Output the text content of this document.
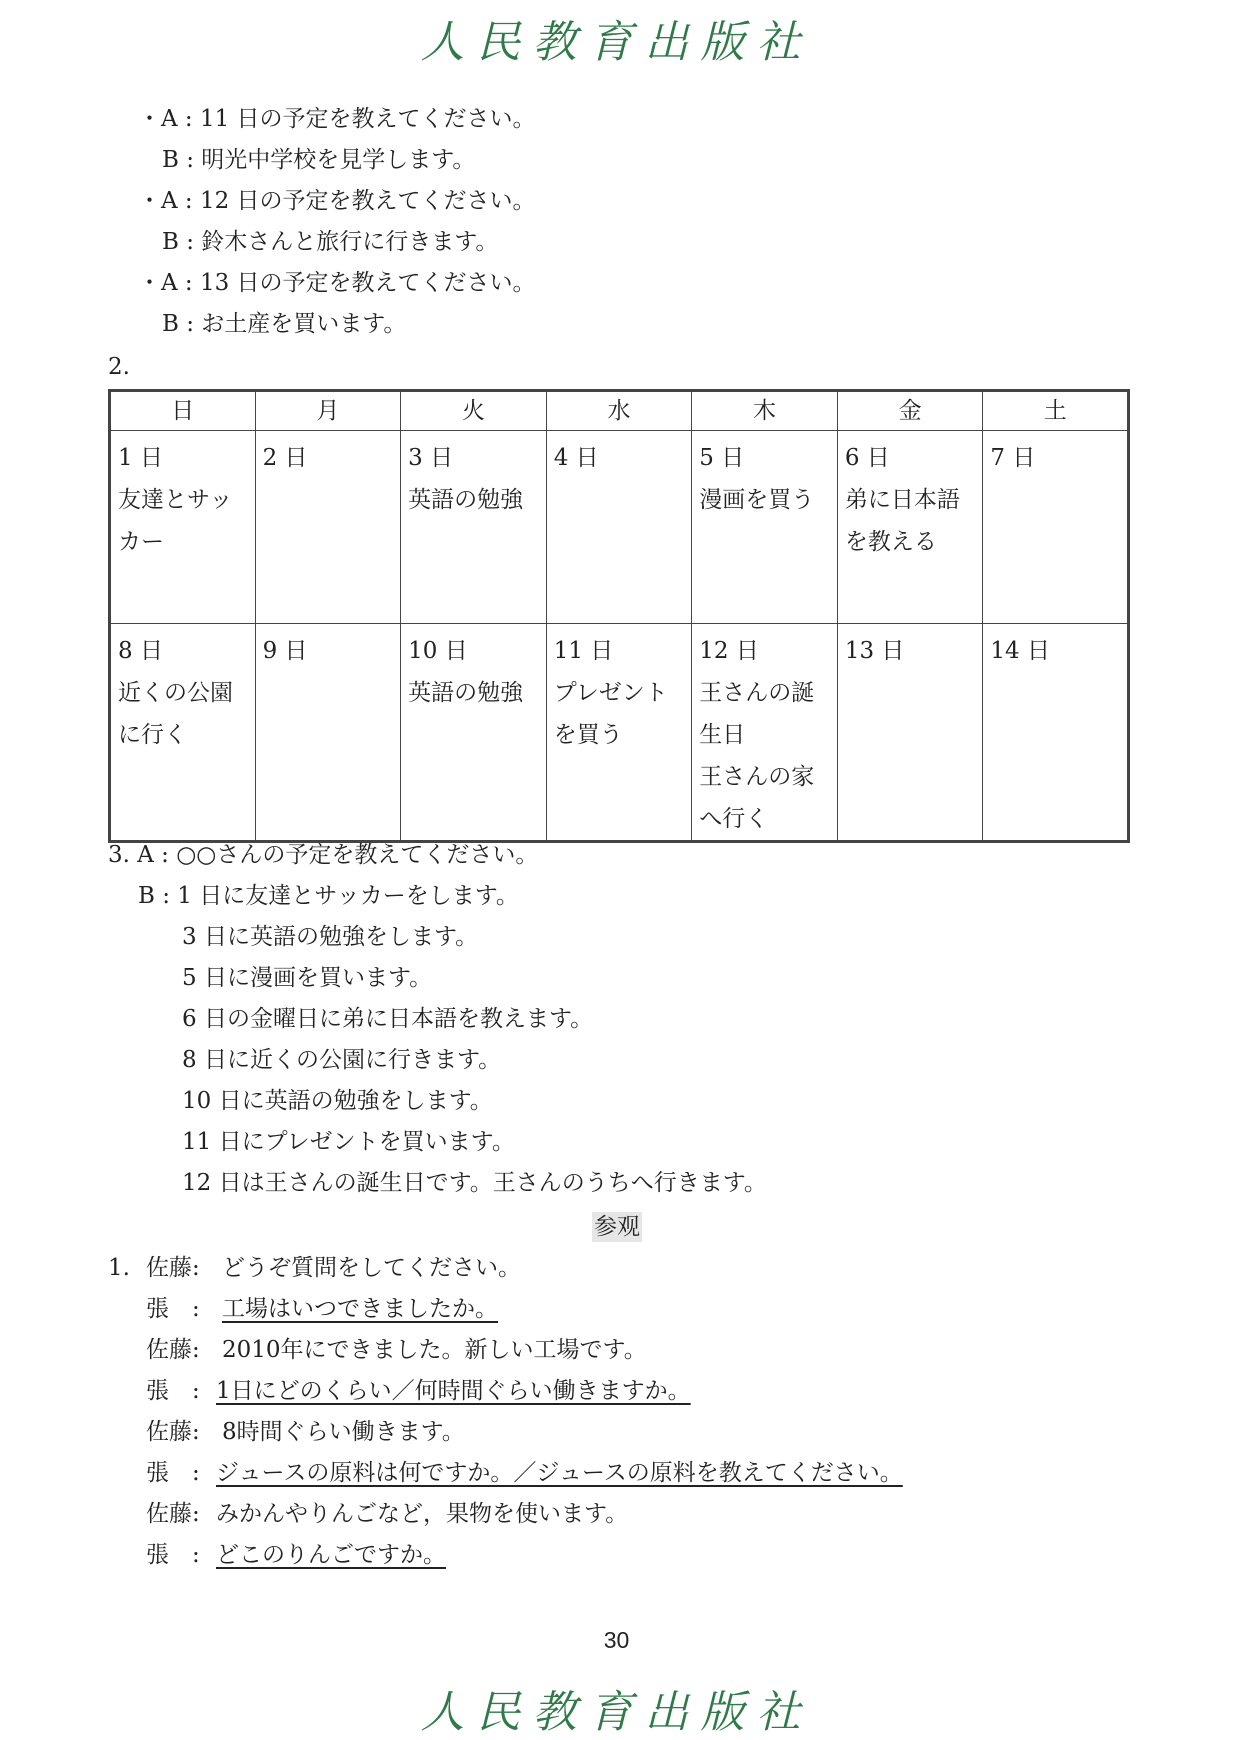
人民教育出版社
・A : 11 日の予定を教えてください。
B : 明光中学校を見学します。
・A : 12 日の予定を教えてください。
B : 鈴木さんと旅行に行きます。
・A : 13 日の予定を教えてください。
B : お土産を買います。
2.
日	月	火	水	木	金	土

1 日
友達とサッ
カー	2 日	3 日
英語の勉強	4 日	5 日
漫画を買う	6 日
弟に日本語
を教える	7 日

8 日
近くの公園
に行く	9 日	10 日
英語の勉強	11 日
プレゼント
を買う	12 日
王さんの誕
生日
王さんの家
へ行く	13 日	14 日
3. A : ○○さんの予定を教えてください。
B : 1 日に友達とサッカーをします。
3 日に英語の勉強をします。
5 日に漫画を買います。
6 日の金曜日に弟に日本語を教えます。
8 日に近くの公園に行きます。
10 日に英語の勉強をします。
11 日にプレゼントを買います。
12 日は王さんの誕生日です。王さんのうちへ行きます。
参观
1. 佐藤: どうぞ質問をしてください。
張　: 工場はいつできましたか。
佐藤: 2010年にできました。新しい工場です。
張　: 1日にどのくらい／何時間ぐらい働きますか。
佐藤: 8時間ぐらい働きます。
張　: ジュースの原料は何ですか。／ジュースの原料を教えてください。
佐藤: みかんやりんごなど，果物を使います。
張　: どこのりんごですか。
30
人民教育出版社
